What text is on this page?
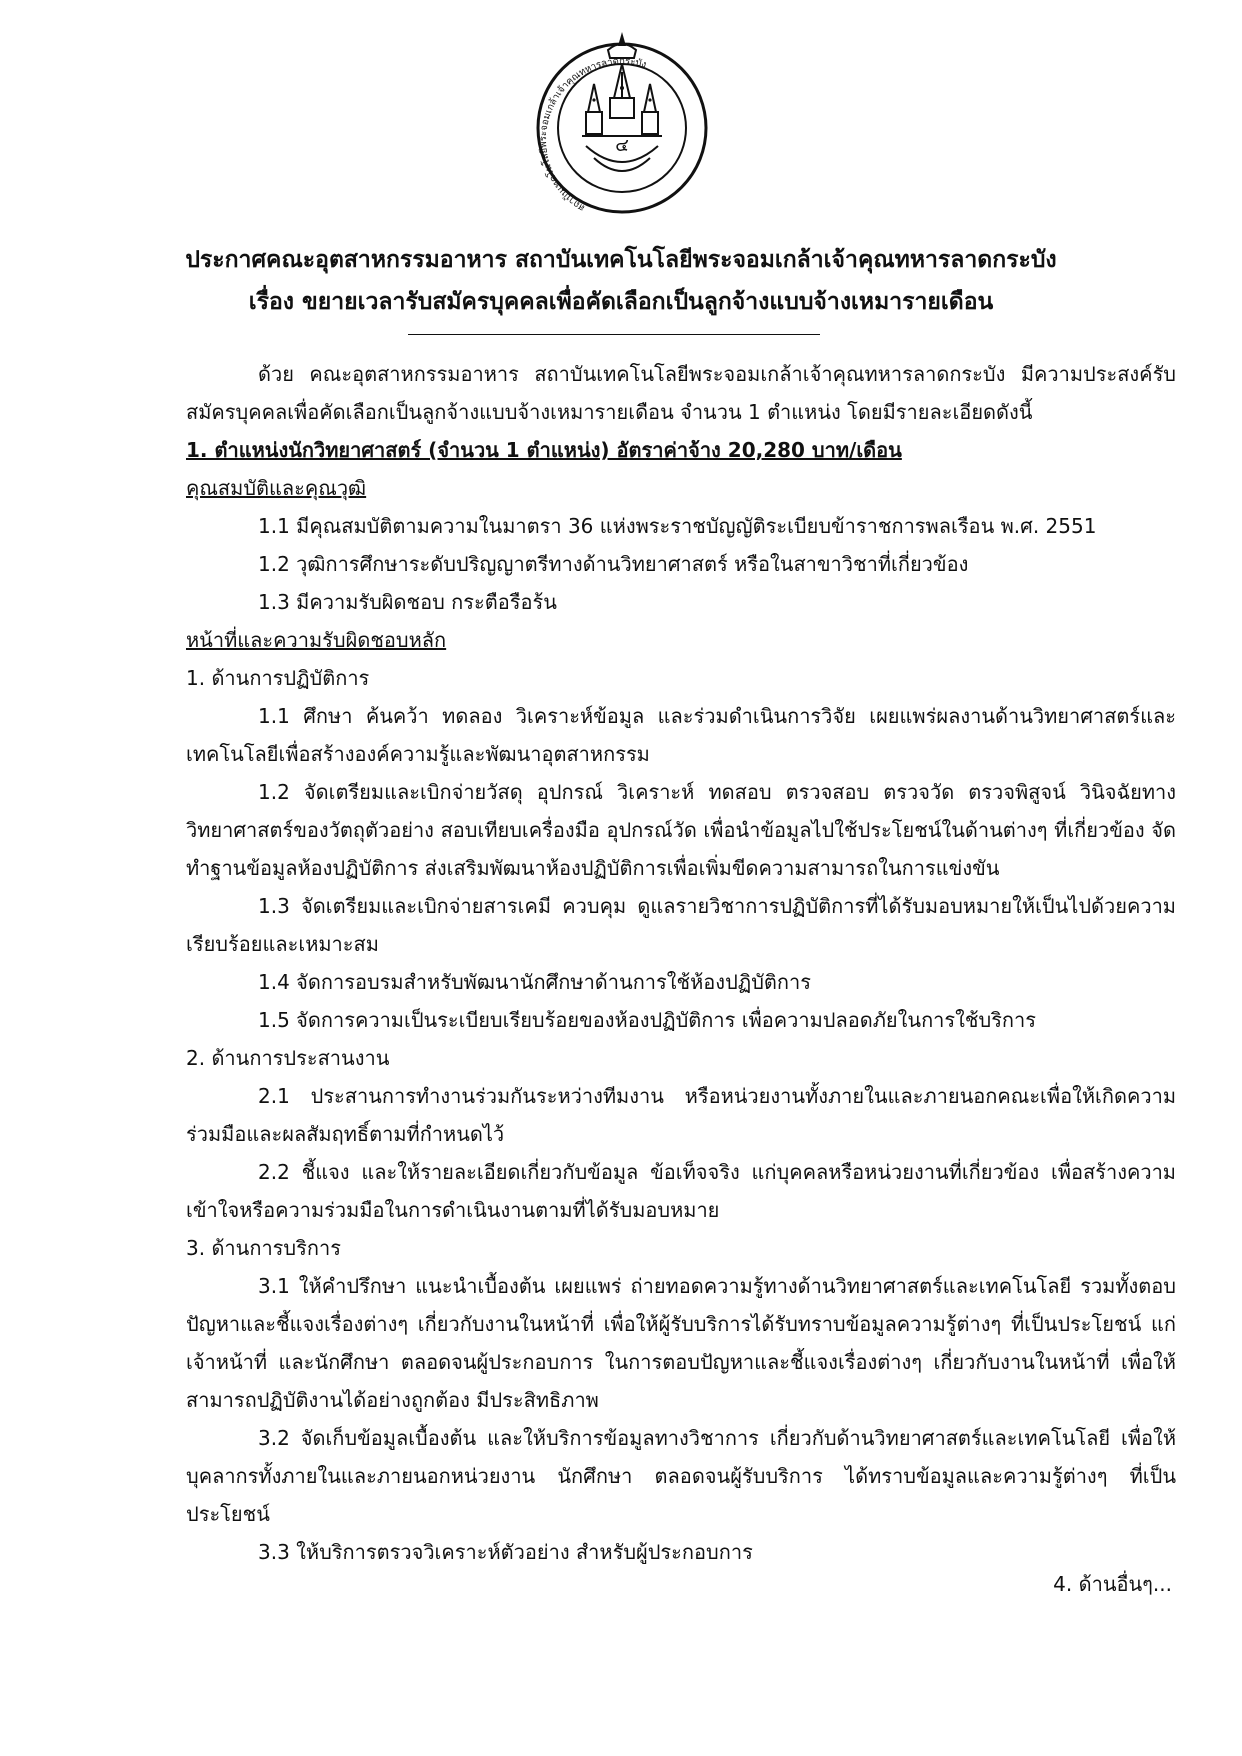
สถาบันเทคโนโลยีพระจอมเกล้าเจ้าคุณทหารลาดกระบัง
๔
ประกาศคณะอุตสาหกรรมอาหาร สถาบันเทคโนโลยีพระจอมเกล้าเจ้าคุณทหารลาดกระบัง
เรื่อง ขยายเวลารับสมัครบุคคลเพื่อคัดเลือกเป็นลูกจ้างแบบจ้างเหมารายเดือน

ด้วย คณะอุตสาหกรรมอาหาร สถาบันเทคโนโลยีพระจอมเกล้าเจ้าคุณทหารลาดกระบัง มีความประสงค์รับสมัครบุคคลเพื่อคัดเลือกเป็นลูกจ้างแบบจ้างเหมารายเดือน จำนวน 1 ตำแหน่ง โดยมีรายละเอียดดังนี้

1. ตำแหน่งนักวิทยาศาสตร์ (จำนวน 1 ตำแหน่ง) อัตราค่าจ้าง 20,280 บาท/เดือน

คุณสมบัติและคุณวุฒิ

1.1 มีคุณสมบัติตามความในมาตรา 36 แห่งพระราชบัญญัติระเบียบข้าราชการพลเรือน พ.ศ. 2551

1.2 วุฒิการศึกษาระดับปริญญาตรีทางด้านวิทยาศาสตร์ หรือในสาขาวิชาที่เกี่ยวข้อง

1.3 มีความรับผิดชอบ กระตือรือร้น

หน้าที่และความรับผิดชอบหลัก

1. ด้านการปฏิบัติการ

1.1 ศึกษา ค้นคว้า ทดลอง วิเคราะห์ข้อมูล และร่วมดำเนินการวิจัย เผยแพร่ผลงานด้านวิทยาศาสตร์และเทคโนโลยีเพื่อสร้างองค์ความรู้และพัฒนาอุตสาหกรรม

1.2 จัดเตรียมและเบิกจ่ายวัสดุ อุปกรณ์ วิเคราะห์ ทดสอบ ตรวจสอบ ตรวจวัด ตรวจพิสูจน์ วินิจฉัยทางวิทยาศาสตร์ของวัตถุตัวอย่าง สอบเทียบเครื่องมือ อุปกรณ์วัด เพื่อนำข้อมูลไปใช้ประโยชน์ในด้านต่างๆ ที่เกี่ยวข้อง จัดทำฐานข้อมูลห้องปฏิบัติการ ส่งเสริมพัฒนาห้องปฏิบัติการเพื่อเพิ่มขีดความสามารถในการแข่งขัน

1.3 จัดเตรียมและเบิกจ่ายสารเคมี ควบคุม ดูแลรายวิชาการปฏิบัติการที่ได้รับมอบหมายให้เป็นไปด้วยความเรียบร้อยและเหมาะสม

1.4 จัดการอบรมสำหรับพัฒนานักศึกษาด้านการใช้ห้องปฏิบัติการ

1.5 จัดการความเป็นระเบียบเรียบร้อยของห้องปฏิบัติการ เพื่อความปลอดภัยในการใช้บริการ

2. ด้านการประสานงาน

2.1 ประสานการทำงานร่วมกันระหว่างทีมงาน หรือหน่วยงานทั้งภายในและภายนอกคณะเพื่อให้เกิดความร่วมมือและผลสัมฤทธิ์ตามที่กำหนดไว้

2.2 ชี้แจง และให้รายละเอียดเกี่ยวกับข้อมูล ข้อเท็จจริง แก่บุคคลหรือหน่วยงานที่เกี่ยวข้อง เพื่อสร้างความเข้าใจหรือความร่วมมือในการดำเนินงานตามที่ได้รับมอบหมาย

3. ด้านการบริการ

3.1 ให้คำปรึกษา แนะนำเบื้องต้น เผยแพร่ ถ่ายทอดความรู้ทางด้านวิทยาศาสตร์และเทคโนโลยี รวมทั้งตอบปัญหาและชี้แจงเรื่องต่างๆ เกี่ยวกับงานในหน้าที่ เพื่อให้ผู้รับบริการได้รับทราบข้อมูลความรู้ต่างๆ ที่เป็นประโยชน์ แก่ เจ้าหน้าที่ และนักศึกษา ตลอดจนผู้ประกอบการ ในการตอบปัญหาและชี้แจงเรื่องต่างๆ เกี่ยวกับงานในหน้าที่ เพื่อให้สามารถปฏิบัติงานได้อย่างถูกต้อง มีประสิทธิภาพ

3.2 จัดเก็บข้อมูลเบื้องต้น และให้บริการข้อมูลทางวิชาการ เกี่ยวกับด้านวิทยาศาสตร์และเทคโนโลยี เพื่อให้บุคลากรทั้งภายในและภายนอกหน่วยงาน นักศึกษา ตลอดจนผู้รับบริการ ได้ทราบข้อมูลและความรู้ต่างๆ ที่เป็นประโยชน์

3.3 ให้บริการตรวจวิเคราะห์ตัวอย่าง สำหรับผู้ประกอบการ

4. ด้านอื่นๆ...
